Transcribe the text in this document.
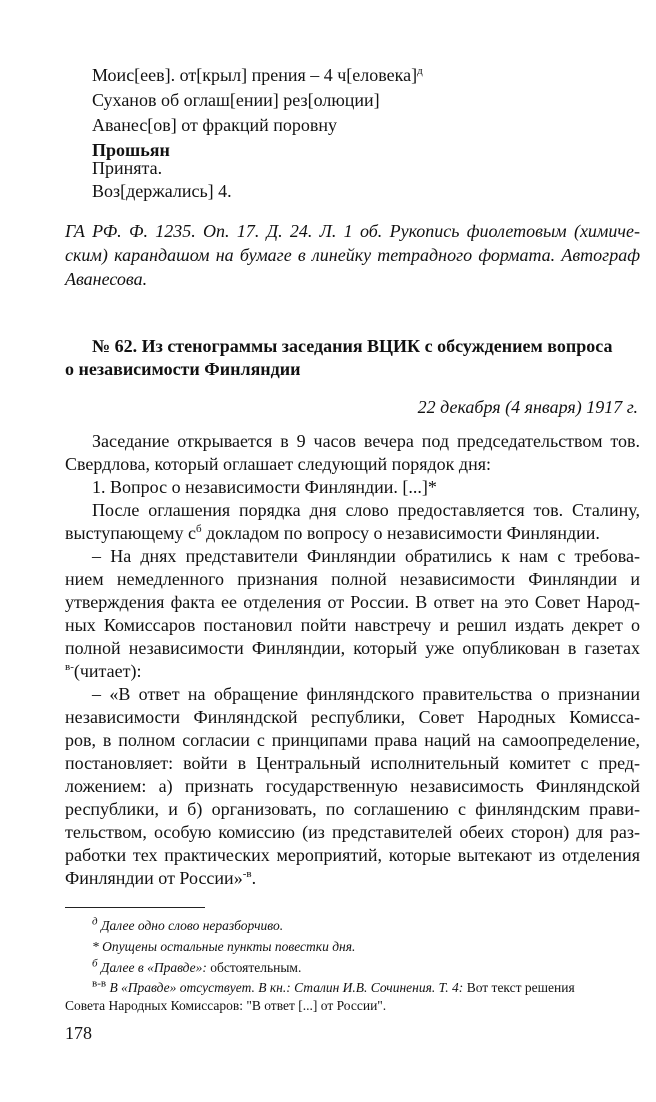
Моис[еев]. от[крыл] прения – 4 ч[еловека]$^д$
Суханов об оглаш[ении] рез[олюции]
Аванес[ов] от фракций поровну
Прошьян
Принята.
Воз[держались] 4.
ГА РФ. Ф. 1235. Оп. 17. Д. 24. Л. 1 об. Рукопись фиолетовым (химиче-
ским) карандашом на бумаге в линейку тетрадного формата. Автограф
Аванесова.
№ 62. Из стенограммы заседания ВЦИК с обсуждением вопроса
о независимости Финляндии
22 декабря (4 января) 1917 г.
Заседание открывается в 9 часов вечера под председательством тов.
Свердлова, который оглашает следующий порядок дня:
1. Вопрос о независимости Финляндии. [...]*
После оглашения порядка дня слово предоставляется тов. Сталину,
выступающему $с^б$ докладом по вопросу о независимости Финляндии.
– На днях представители Финляндии обратились к нам с требова-
нием немедленного признания полной независимости Финляндии и
утверждения факта ее отделения от России. В ответ на это Совет Народ-
ных Комиссаров постановил пойти навстречу и решил издать декрет о
полной независимости Финляндии, который уже опубликован в газетах
$^{в-}$(читает):
– «В ответ на обращение финляндского правительства о признании
независимости Финляндской республики, Совет Народных Комиссa-
ров, в полном согласии с принципами права наций на самоопределение,
постановляет: войти в Центральный исполнительный комитет с пред-
ложением: а) признать государственную независимость Финляндской
республики, и б) организовать, по соглашению с финляндским прави-
тельством, особую комиссию (из представителей обеих сторон) для раз-
работки тех практических мероприятий, которые вытекают из отделения
Финляндии от России»$^{-в}$.
$^д$ Далее одно слово неразборчиво.
* Опущены остальные пункты повестки дня.
$^б$ Далее в «Правде»: обстоятельным.
$^{в-в}$ В «Правде» отсуствует. В кн.: Сталин И.В. Сочинения. Т. 4: Вот текст решения
Совета Народных Комиссаров: "В ответ [...] от России".
178
